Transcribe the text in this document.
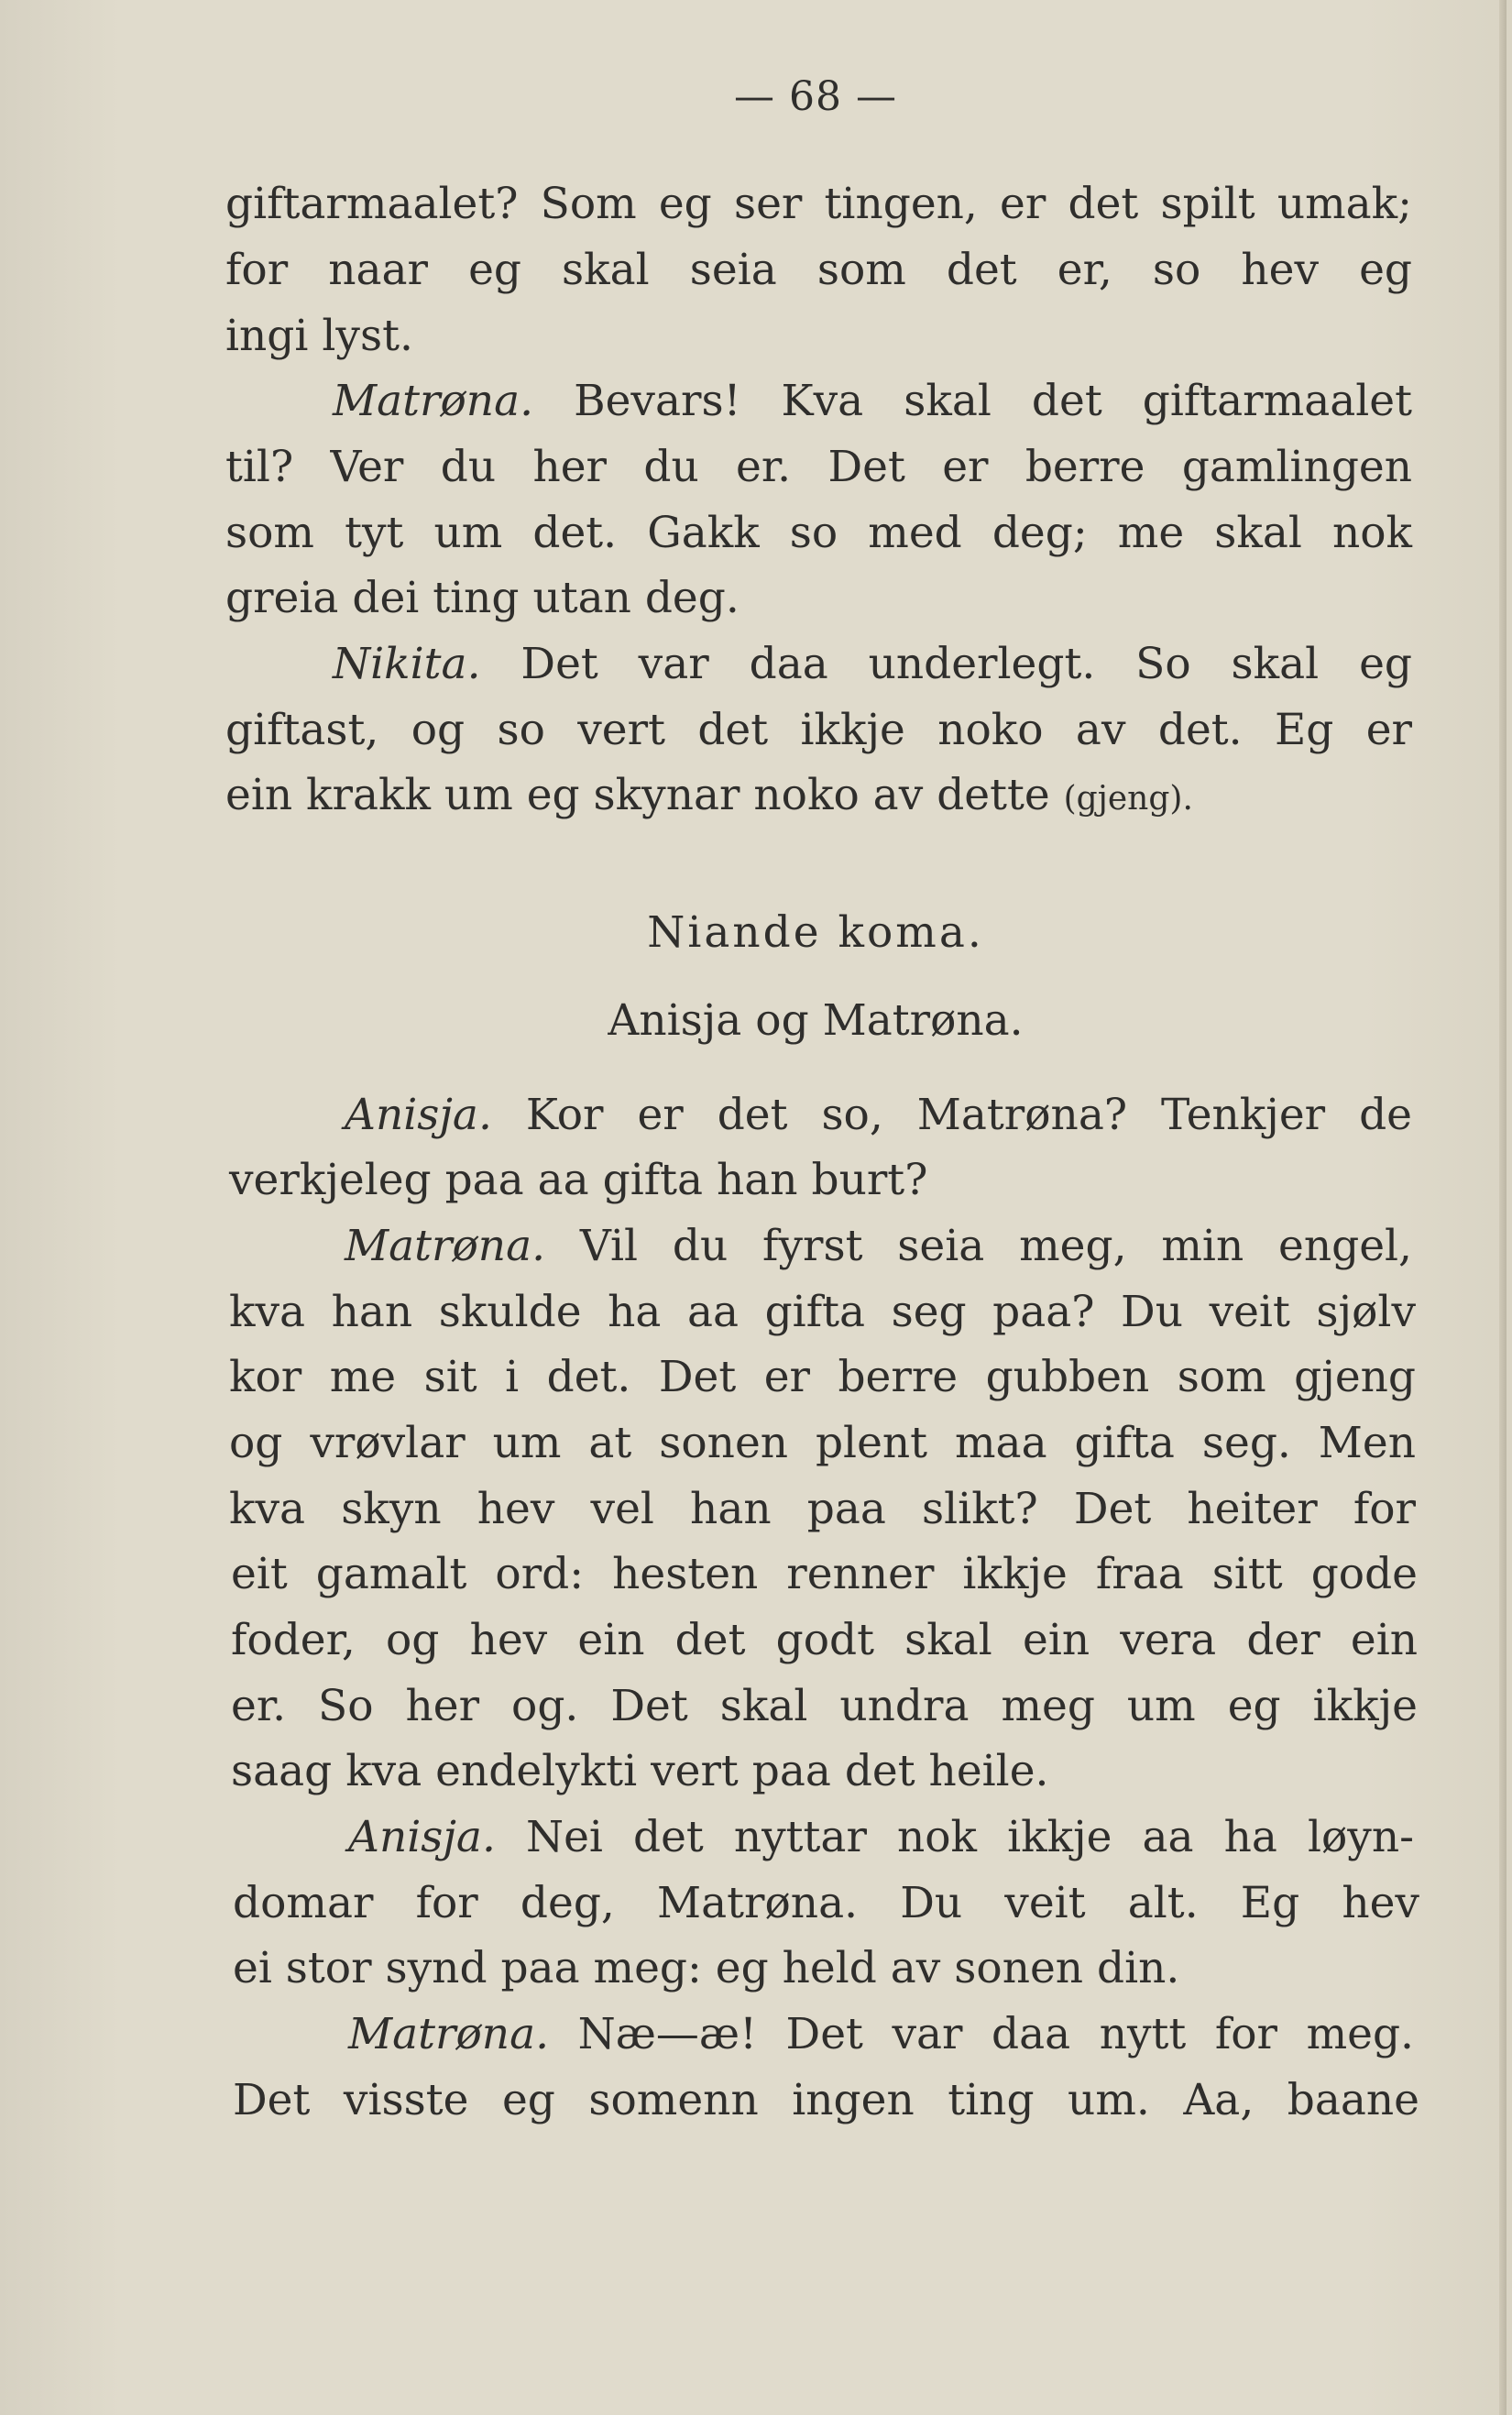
— 68 —
giftarmaalet? Som eg ser tingen, er det spilt umak;
for naar eg skal seia som det er, so hev eg
ingi lyst.
Matrøna. Bevars! Kva skal det giftarmaalet
til? Ver du her du er. Det er berre gamlingen
som tyt um det. Gakk so med deg; me skal nok
greia dei ting utan deg.
Nikita. Det var daa underlegt. So skal eg
giftast, og so vert det ikkje noko av det. Eg er
ein krakk um eg skynar noko av dette (gjeng).
Niande koma.
Anisja og Matrøna.
Anisja. Kor er det so, Matrøna? Tenkjer de
verkjeleg paa aa gifta han burt?
Matrøna. Vil du fyrst seia meg, min engel,
kva han skulde ha aa gifta seg paa? Du veit sjølv
kor me sit i det. Det er berre gubben som gjeng
og vrøvlar um at sonen plent maa gifta seg. Men
kva skyn hev vel han paa slikt? Det heiter for
eit gamalt ord: hesten renner ikkje fraa sitt gode
foder, og hev ein det godt skal ein vera der ein
er. So her og. Det skal undra meg um eg ikkje
saag kva endelykti vert paa det heile.
Anisja. Nei det nyttar nok ikkje aa ha løyn-
domar for deg, Matrøna. Du veit alt. Eg hev
ei stor synd paa meg: eg held av sonen din.
Matrøna. Næ—æ! Det var daa nytt for meg.
Det visste eg somenn ingen ting um. Aa, baane
